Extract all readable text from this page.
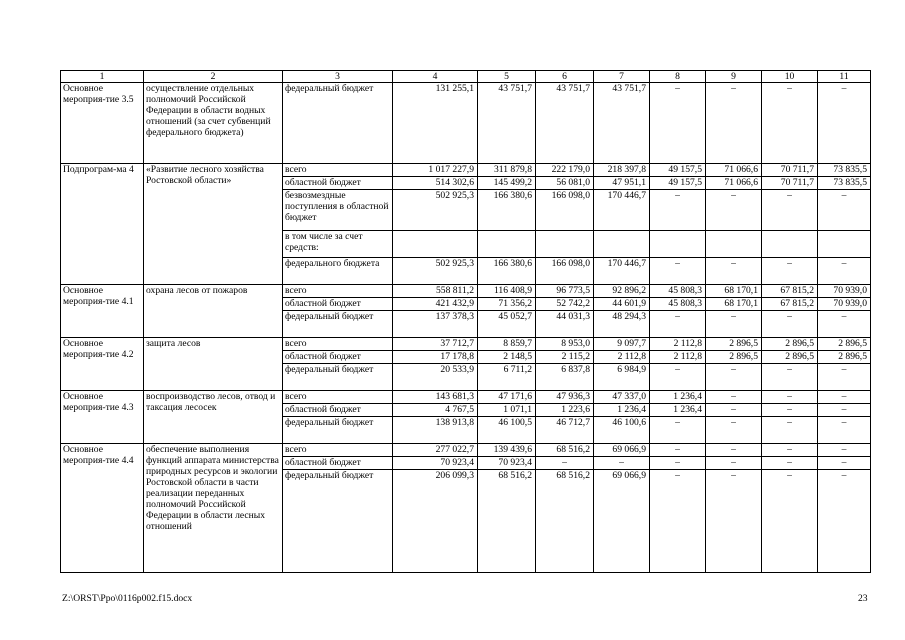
1	2	3	4	5	6	7	8	9	10	11
Основное мероприя-тие 3.5	осуществление отдельных полномочий Российской Федерации в области водных отношений (за счет субвенций федерального бюджета)	федеральный бюджет	131 255,1	43 751,7	43 751,7	43 751,7	–	–	–	–
Подпрограм-ма 4	«Развитие лесного хозяйства Ростовской области»	всего	1 017 227,9	311 879,8	222 179,0	218 397,8	49 157,5	71 066,6	70 711,7	73 835,5
		областной бюджет	514 302,6	145 499,2	56 081,0	47 951,1	49 157,5	71 066,6	70 711,7	73 835,5
		безвозмездные поступления в областной бюджет	502 925,3	166 380,6	166 098,0	170 446,7	–	–	–	–
		в том числе за счет средств:								
		федерального бюджета	502 925,3	166 380,6	166 098,0	170 446,7	–	–	–	–
Основное мероприя-тие 4.1	охрана лесов от пожаров	всего	558 811,2	116 408,9	96 773,5	92 896,2	45 808,3	68 170,1	67 815,2	70 939,0
		областной бюджет	421 432,9	71 356,2	52 742,2	44 601,9	45 808,3	68 170,1	67 815,2	70 939,0
		федеральный бюджет	137 378,3	45 052,7	44 031,3	48 294,3	–	–	–	–
Основное мероприя-тие 4.2	защита лесов	всего	37 712,7	8 859,7	8 953,0	9 097,7	2 112,8	2 896,5	2 896,5	2 896,5
		областной бюджет	17 178,8	2 148,5	2 115,2	2 112,8	2 112,8	2 896,5	2 896,5	2 896,5
		федеральный бюджет	20 533,9	6 711,2	6 837,8	6 984,9	–	–	–	–
Основное мероприя-тие 4.3	воспроизводство лесов, отвод и таксация лесосек	всего	143 681,3	47 171,6	47 936,3	47 337,0	1 236,4	–	–	–
		областной бюджет	4 767,5	1 071,1	1 223,6	1 236,4	1 236,4	–	–	–
		федеральный бюджет	138 913,8	46 100,5	46 712,7	46 100,6	–	–	–	–
Основное мероприя-тие 4.4	обеспечение выполнения функций аппарата министерства природных ресурсов и экологии Ростовской области в части реализации переданных полномочий Российской Федерации в области лесных отношений	всего	277 022,7	139 439,6	68 516,2	69 066,9	–	–	–	–
		областной бюджет	70 923,4	70 923,4	–	–	–	–	–	–
		федеральный бюджет	206 099,3	68 516,2	68 516,2	69 066,9	–	–	–	–
Z:\ORST\Ppo\0116p002.f15.docx	23
